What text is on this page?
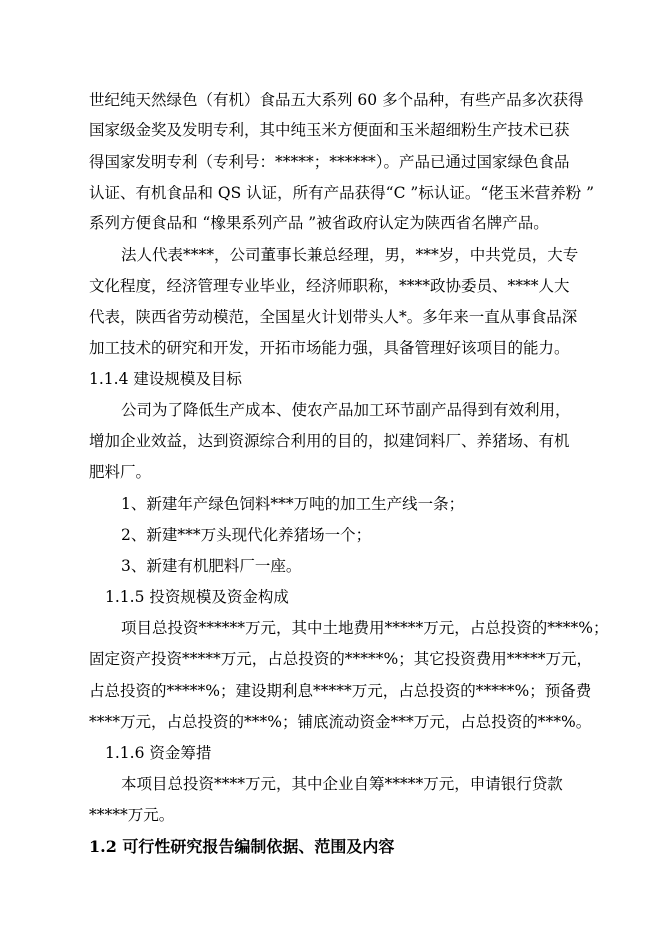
世纪纯天然绿色（有机）食品五大系列 60 多个品种，有些产品多次获得
国家级金奖及发明专利，其中纯玉米方便面和玉米超细粉生产技术已获
得国家发明专利（专利号：*****；******）。产品已通过国家绿色食品
认证、有机食品和 QS 认证，所有产品获得“C ”标认证。“佬玉米营养粉 ”
系列方便食品和 “橡果系列产品 ”被省政府认定为陕西省名牌产品。
法人代表****，公司董事长兼总经理，男，***岁，中共党员，大专
文化程度，经济管理专业毕业，经济师职称，****政协委员、****人大
代表，陕西省劳动模范，全国星火计划带头人*。多年来一直从事食品深
加工技术的研究和开发，开拓市场能力强，具备管理好该项目的能力。
1.1.4 建设规模及目标
公司为了降低生产成本、使农产品加工环节副产品得到有效利用，
增加企业效益，达到资源综合利用的目的，拟建饲料厂、养猪场、有机
肥料厂。
1、新建年产绿色饲料***万吨的加工生产线一条；
2、新建***万头现代化养猪场一个；
3、新建有机肥料厂一座。
1.1.5 投资规模及资金构成
项目总投资******万元，其中土地费用*****万元，占总投资的****%；
固定资产投资*****万元，占总投资的*****%；其它投资费用*****万元，
占总投资的*****%；建设期利息*****万元，占总投资的*****%；预备费
****万元，占总投资的***%；铺底流动资金***万元，占总投资的***%。
1.1.6 资金筹措
本项目总投资****万元，其中企业自筹*****万元，申请银行贷款
*****万元。
1.2 可行性研究报告编制依据、范围及内容
